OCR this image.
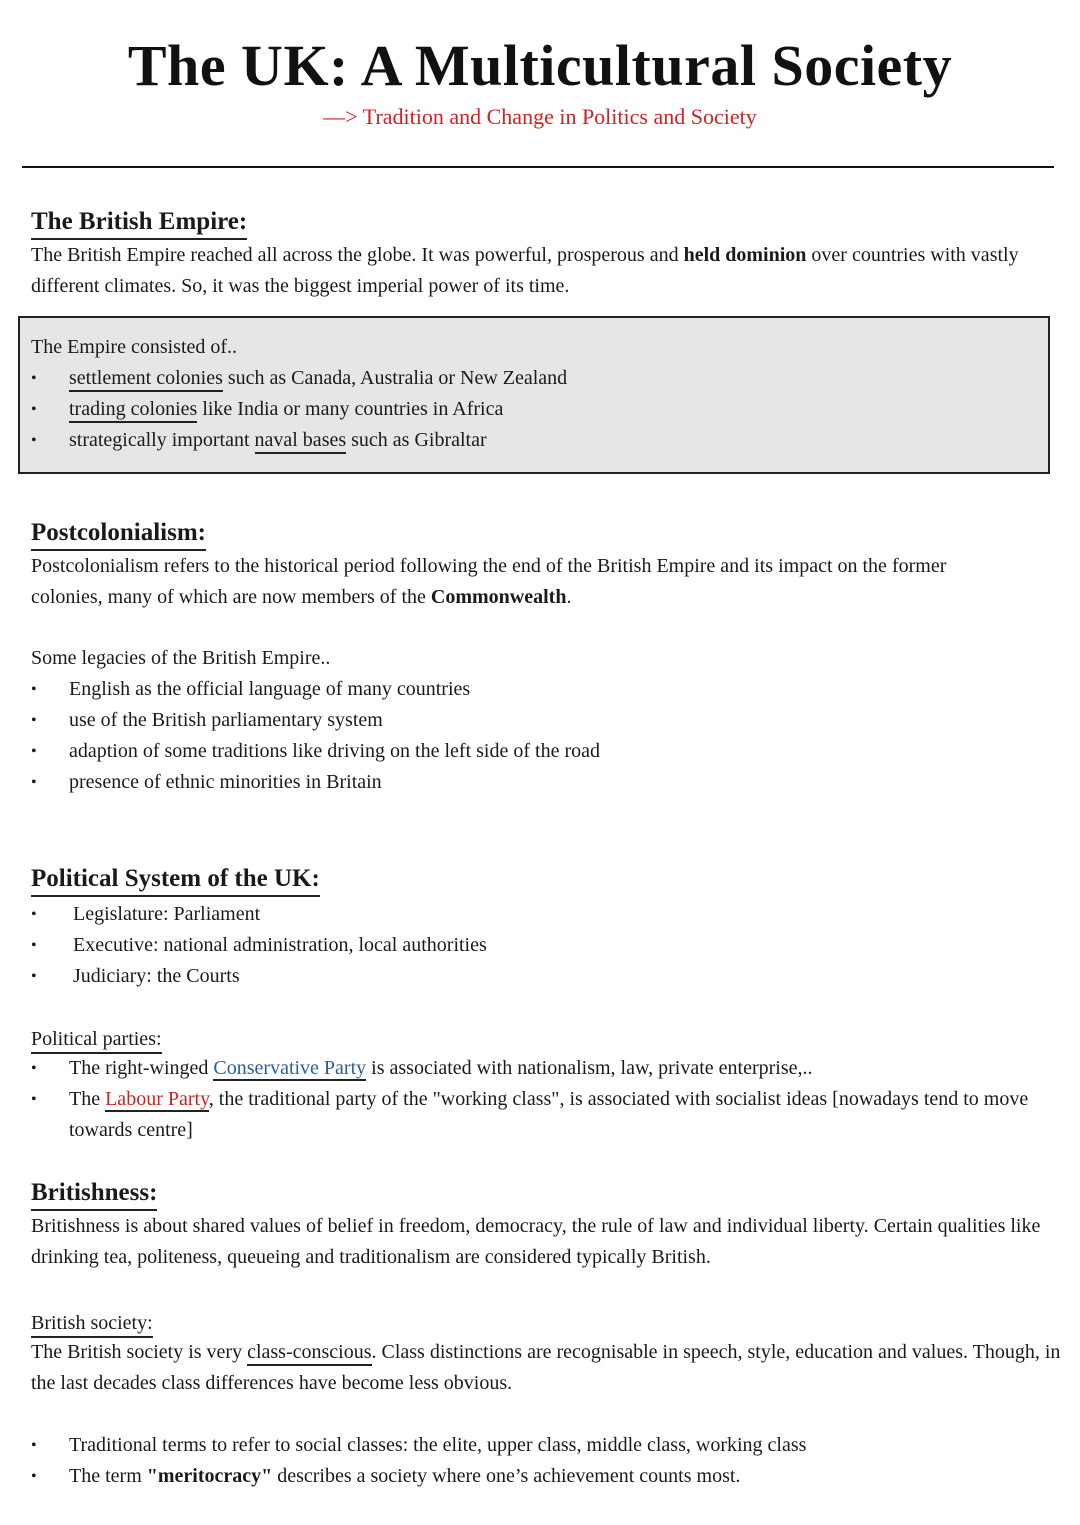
The UK: A Multicultural Society
—> Tradition and Change in Politics and Society
The British Empire:
The British Empire reached all across the globe. It was powerful, prosperous and held dominion over countries with vastly different climates. So, it was the biggest imperial power of its time.
The Empire consisted of..
• settlement colonies such as Canada, Australia or New Zealand
• trading colonies like India or many countries in Africa
• strategically important naval bases such as Gibraltar
Postcolonialism:
Postcolonialism refers to the historical period following the end of the British Empire and its impact on the former colonies, many of which are now members of the Commonwealth.
Some legacies of the British Empire..
• English as the official language of many countries
• use of the British parliamentary system
• adaption of some traditions like driving on the left side of the road
• presence of ethnic minorities in Britain
Political System of the UK:
• Legislature: Parliament
• Executive: national administration, local authorities
• Judiciary: the Courts
Political parties:
• The right-winged Conservative Party is associated with nationalism, law, private enterprise,..
• The Labour Party, the traditional party of the "working class", is associated with socialist ideas [nowadays tend to move towards centre]
Britishness:
Britishness is about shared values of belief in freedom, democracy, the rule of law and individual liberty. Certain qualities like drinking tea, politeness, queueing and traditionalism are considered typically British.
British society:
The British society is very class-conscious. Class distinctions are recognisable in speech, style, education and values. Though, in the last decades class differences have become less obvious.
• Traditional terms to refer to social classes: the elite, upper class, middle class, working class
• The term "meritocracy" describes a society where one’s achievement counts most.
